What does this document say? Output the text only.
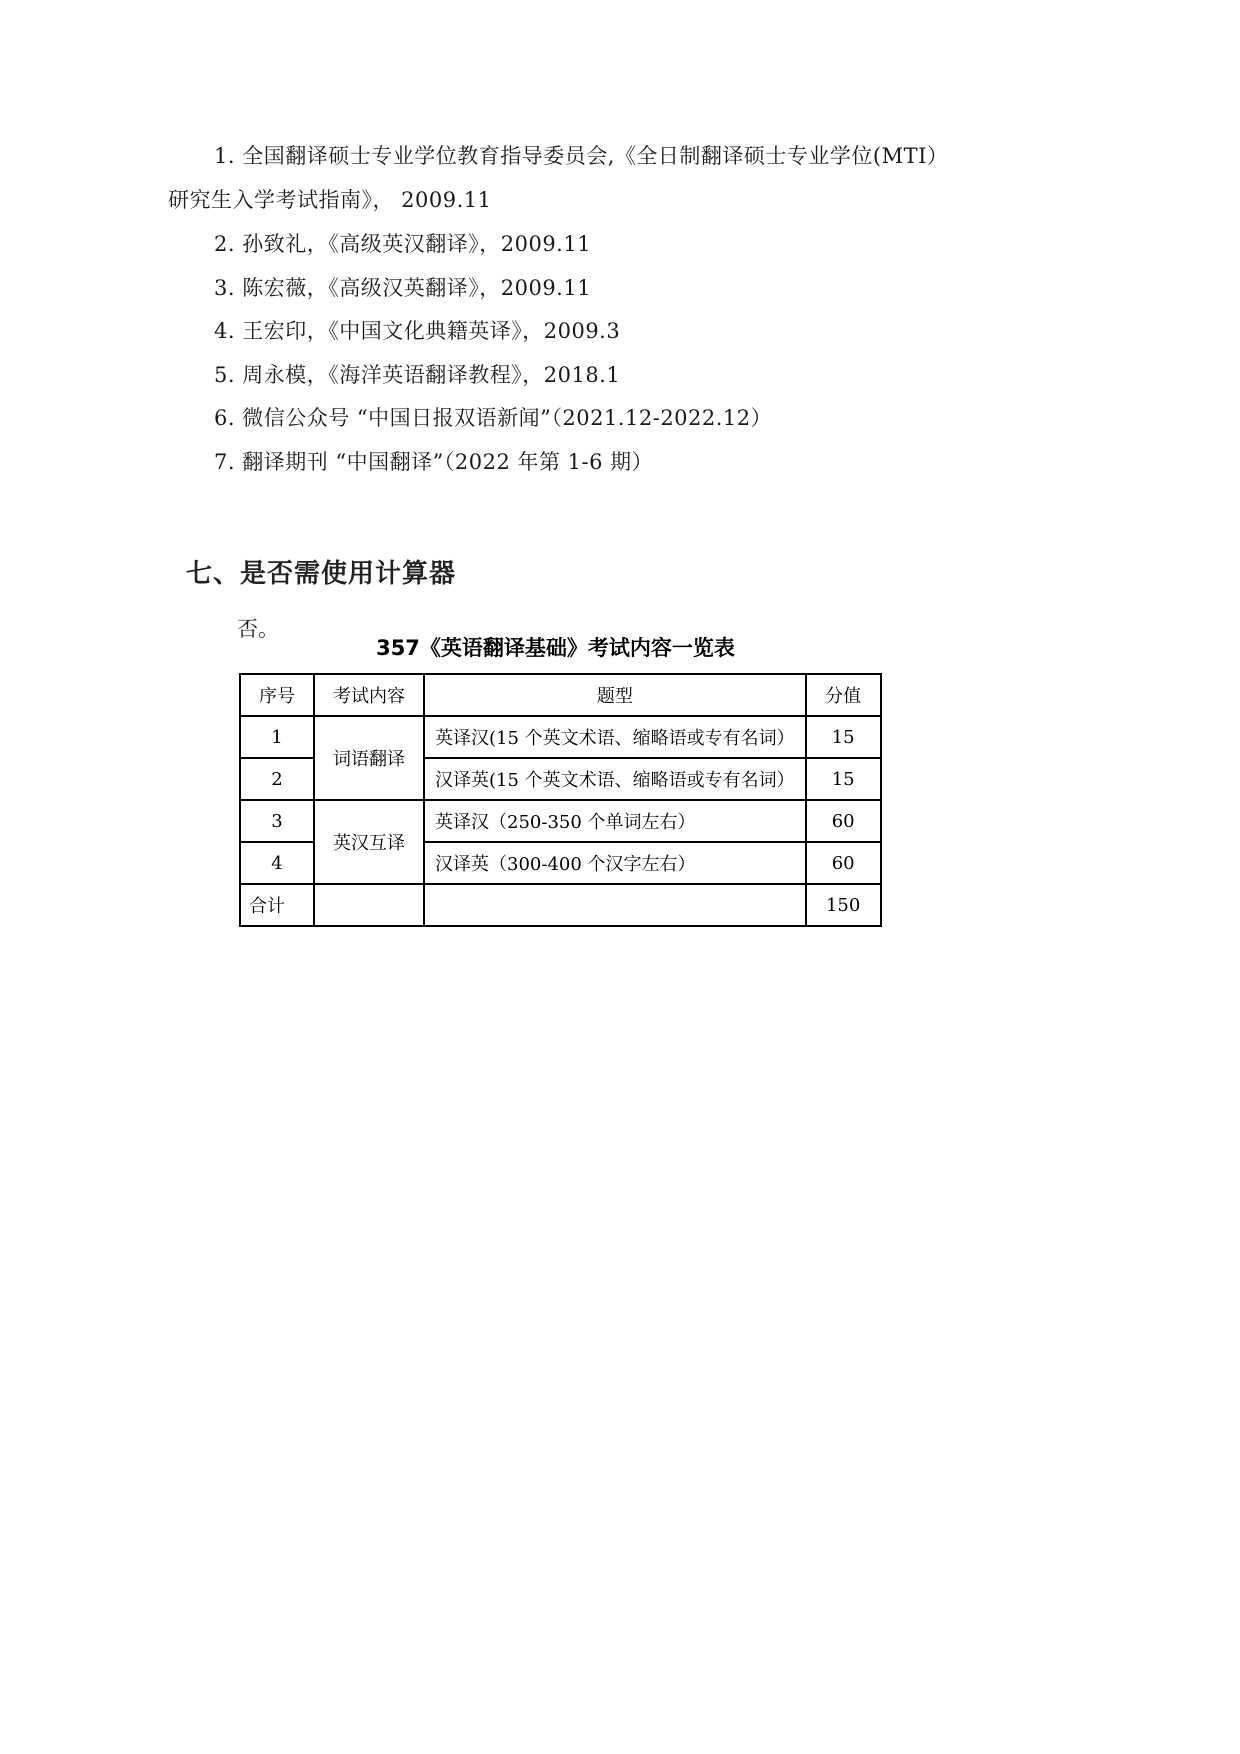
1. 全国翻译硕士专业学位教育指导委员会,《全日制翻译硕士专业学位(MTI）
研究生入学考试指南》， 2009.11
2. 孙致礼，《高级英汉翻译》，2009.11
3. 陈宏薇，《高级汉英翻译》，2009.11
4. 王宏印，《中国文化典籍英译》，2009.3
5. 周永模，《海洋英语翻译教程》，2018.1
6. 微信公众号 “中国日报双语新闻”（2021.12-2022.12）
7. 翻译期刊 “中国翻译”（2022 年第 1-6 期）
七、是否需使用计算器
否。
357《英语翻译基础》考试内容一览表
序号	考试内容	题型	分值
1	词语翻译	英译汉(15 个英文术语、缩略语或专有名词）	15
2		汉译英(15 个英文术语、缩略语或专有名词）	15
3	英汉互译	英译汉（250-350 个单词左右）	60
4		汉译英（300-400 个汉字左右）	60
合计			150
